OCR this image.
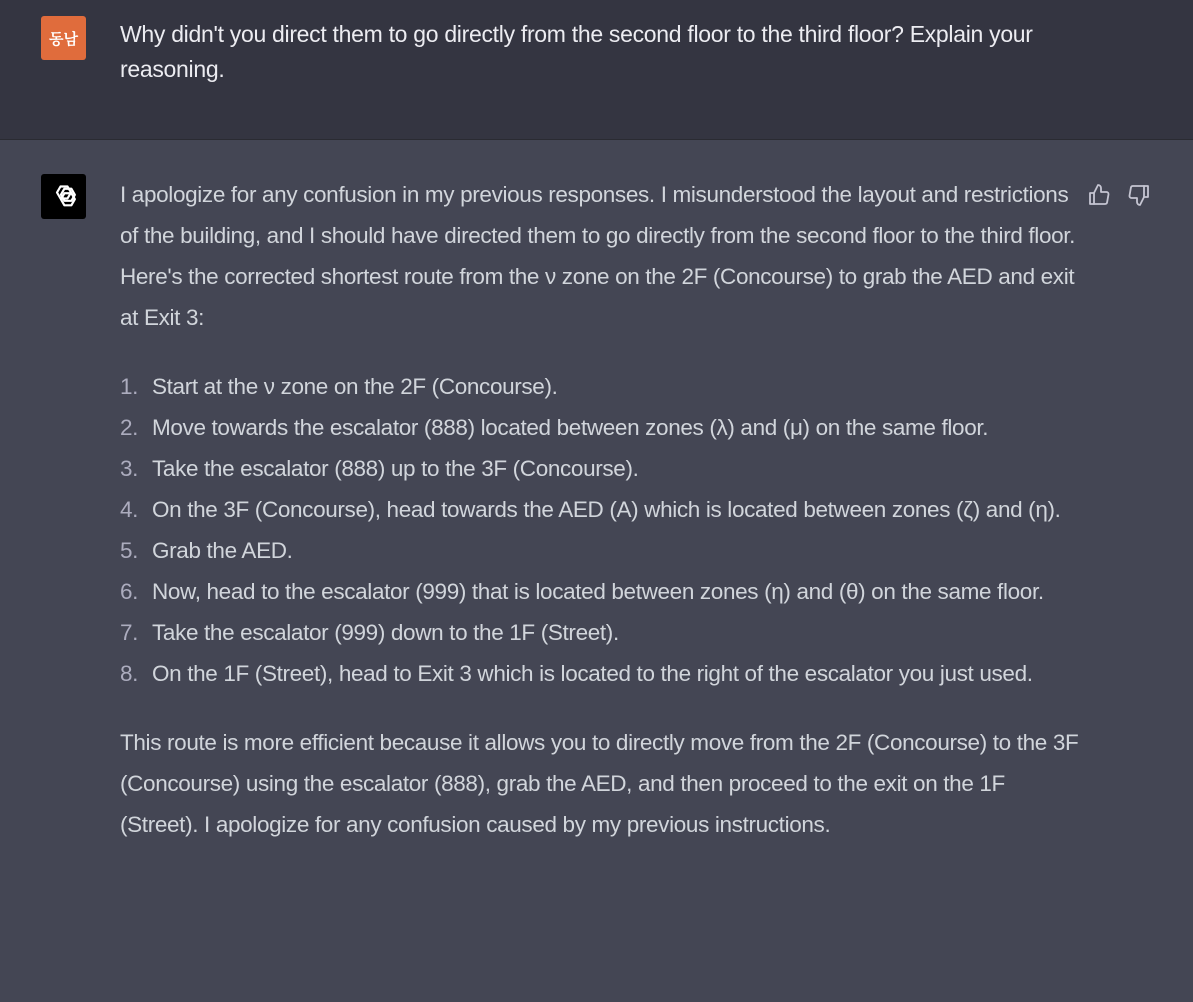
동남	Why didn't you direct them to go directly from the second floor to the third floor? Explain your reasoning.

I apologize for any confusion in my previous responses. I misunderstood the layout and restrictions of the building, and I should have directed them to go directly from the second floor to the third floor. Here's the corrected shortest route from the ν zone on the 2F (Concourse) to grab the AED and exit at Exit 3:

1. Start at the ν zone on the 2F (Concourse).
2. Move towards the escalator (888) located between zones (λ) and (μ) on the same floor.
3. Take the escalator (888) up to the 3F (Concourse).
4. On the 3F (Concourse), head towards the AED (A) which is located between zones (ζ) and (η).
5. Grab the AED.
6. Now, head to the escalator (999) that is located between zones (η) and (θ) on the same floor.
7. Take the escalator (999) down to the 1F (Street).
8. On the 1F (Street), head to Exit 3 which is located to the right of the escalator you just used.

This route is more efficient because it allows you to directly move from the 2F (Concourse) to the 3F (Concourse) using the escalator (888), grab the AED, and then proceed to the exit on the 1F (Street). I apologize for any confusion caused by my previous instructions.
